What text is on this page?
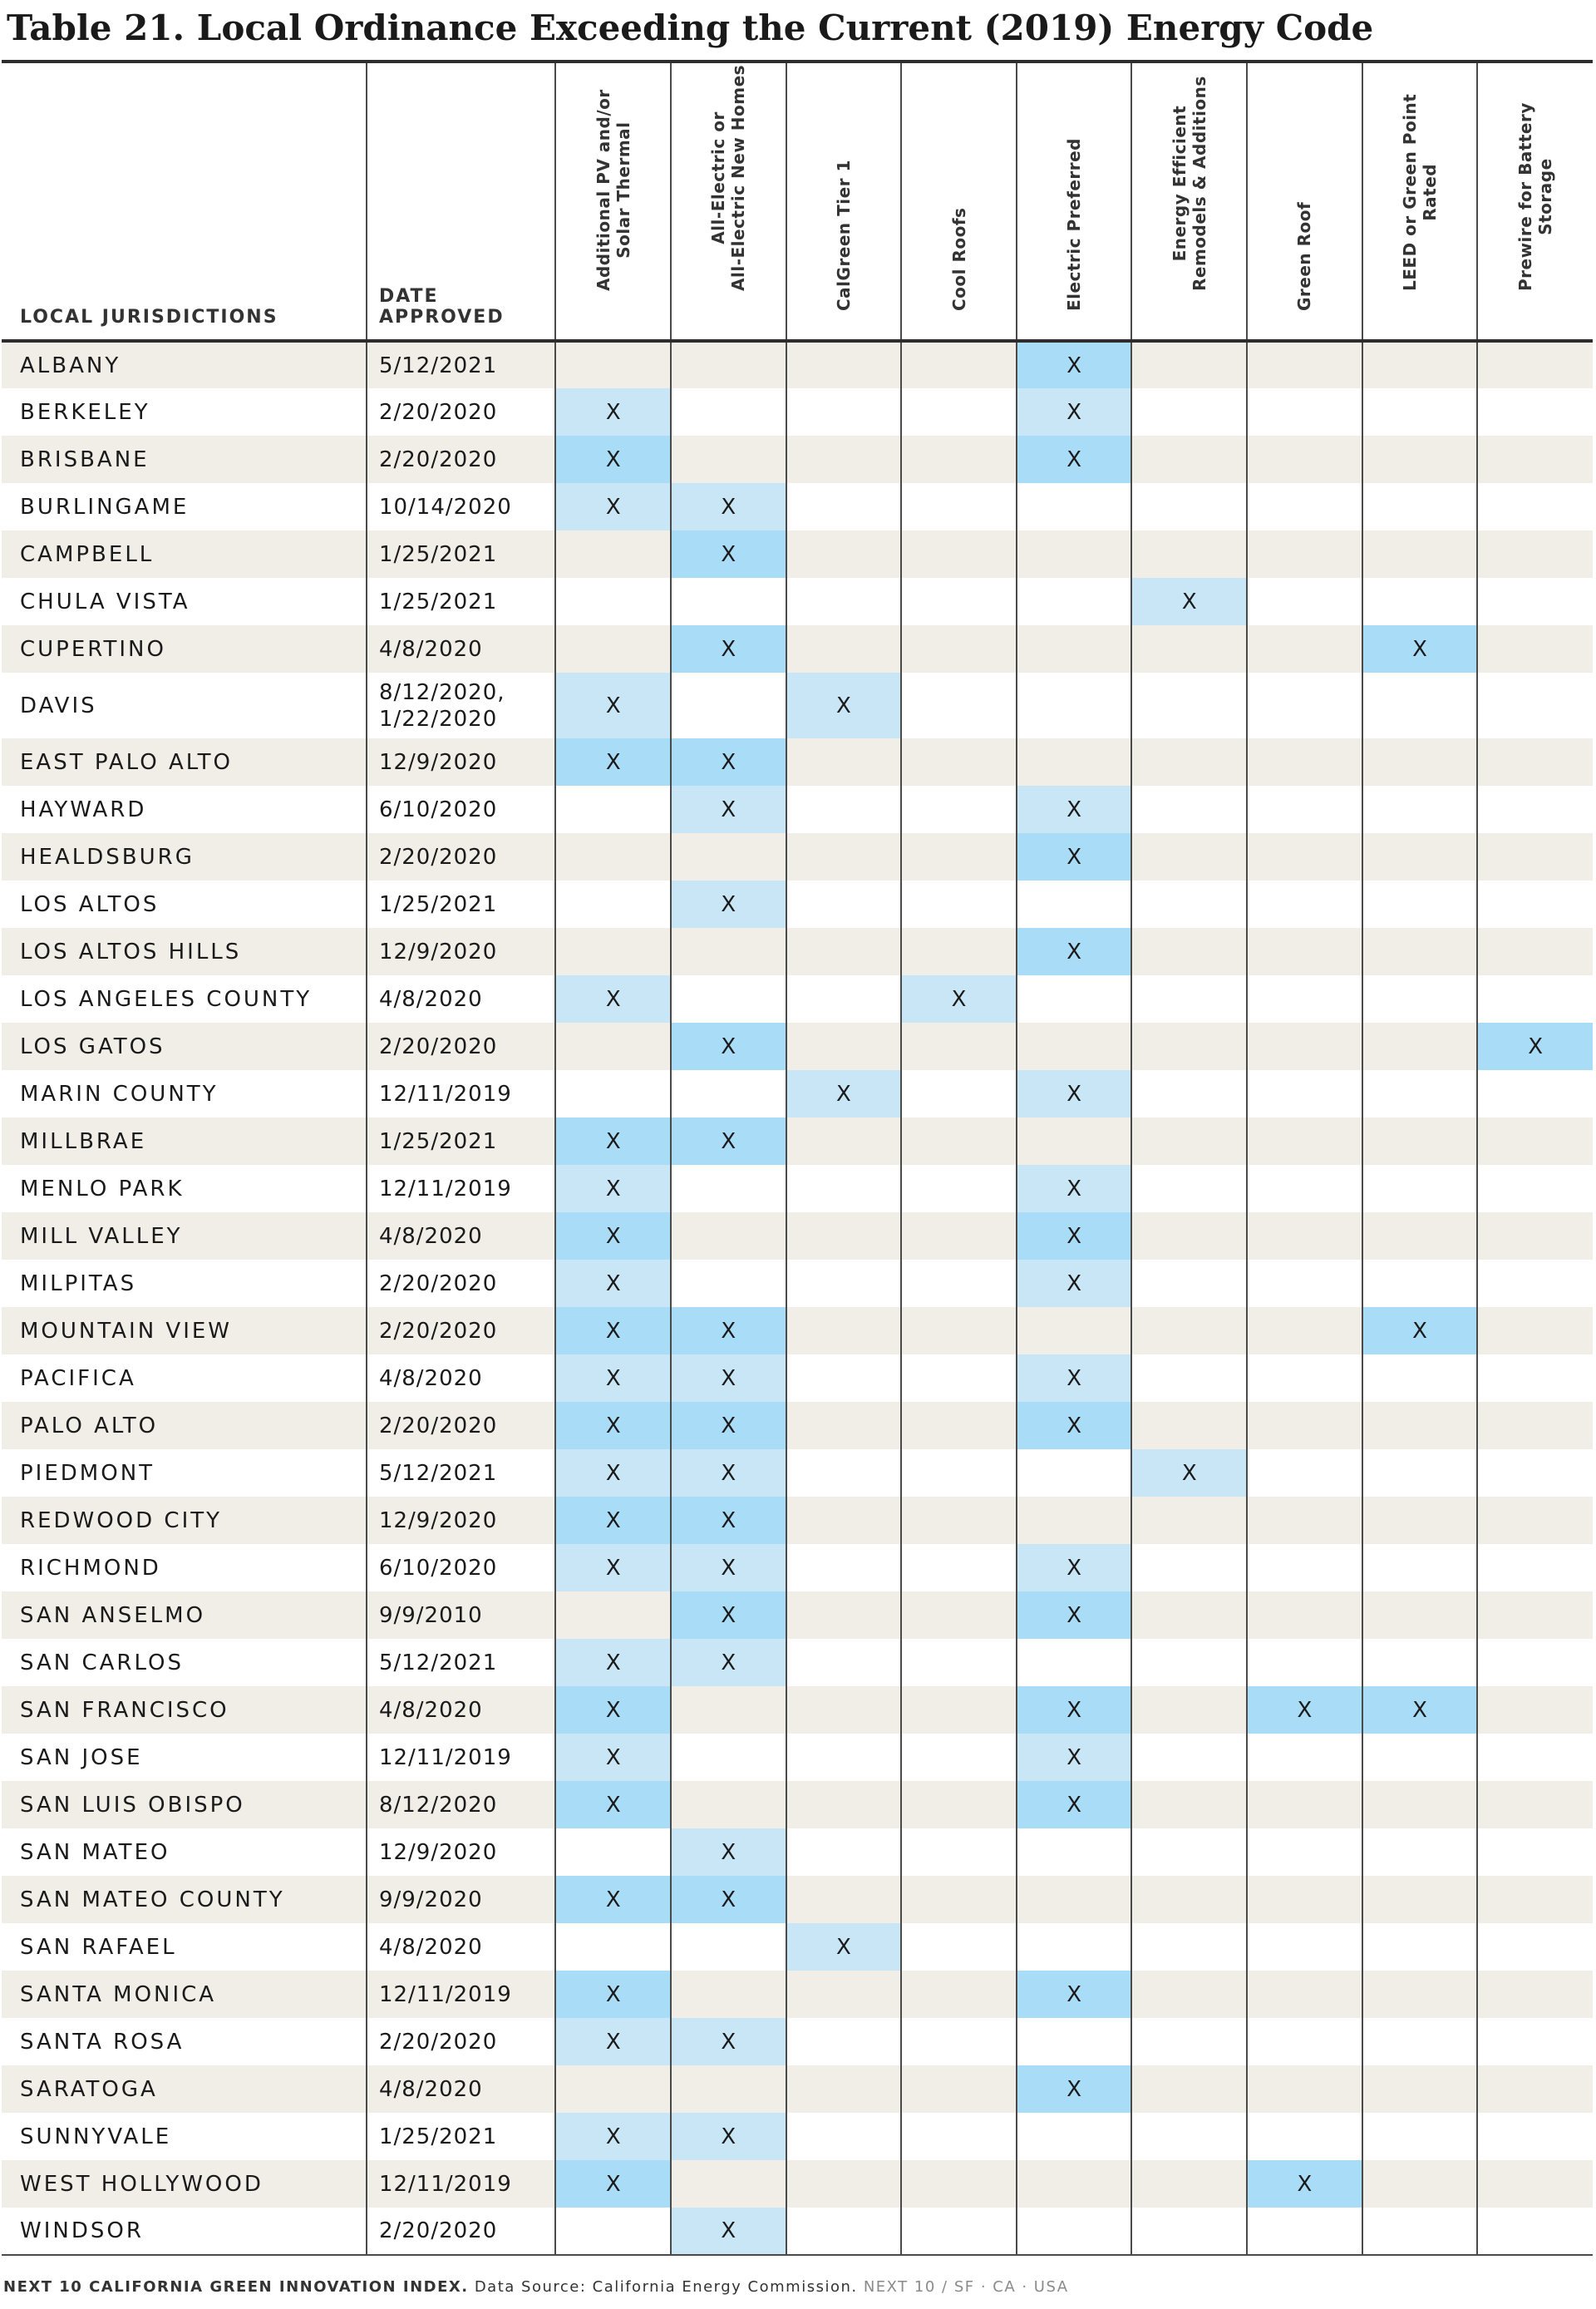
Table 21. Local Ordinance Exceeding the Current (2019) Energy Code
LOCAL JURISDICTIONS	DATE
APPROVED	Additional PV and/or
Solar Thermal	All-Electric or
All-Electric New Homes	CalGreen Tier 1	Cool Roofs	Electric Preferred	Energy Efficient
Remodels & Additions	Green Roof	LEED or Green Point
Rated	Prewire for Battery
Storage

ALBANY	5/12/2021					X				
BERKELEY	2/20/2020	X				X				
BRISBANE	2/20/2020	X				X				
BURLINGAME	10/14/2020	X	X							
CAMPBELL	1/25/2021		X							
CHULA VISTA	1/25/2021						X			
CUPERTINO	4/8/2020		X						X	
DAVIS	8/12/2020,
1/22/2020	X		X						
EAST PALO ALTO	12/9/2020	X	X							
HAYWARD	6/10/2020		X			X				
HEALDSBURG	2/20/2020					X				
LOS ALTOS	1/25/2021		X							
LOS ALTOS HILLS	12/9/2020					X				
LOS ANGELES COUNTY	4/8/2020	X			X					
LOS GATOS	2/20/2020		X							X
MARIN COUNTY	12/11/2019			X		X				
MILLBRAE	1/25/2021	X	X							
MENLO PARK	12/11/2019	X				X				
MILL VALLEY	4/8/2020	X				X				
MILPITAS	2/20/2020	X				X				
MOUNTAIN VIEW	2/20/2020	X	X						X	
PACIFICA	4/8/2020	X	X			X				
PALO ALTO	2/20/2020	X	X			X				
PIEDMONT	5/12/2021	X	X				X			
REDWOOD CITY	12/9/2020	X	X							
RICHMOND	6/10/2020	X	X			X				
SAN ANSELMO	9/9/2010		X			X				
SAN CARLOS	5/12/2021	X	X							
SAN FRANCISCO	4/8/2020	X				X		X	X	
SAN JOSE	12/11/2019	X				X				
SAN LUIS OBISPO	8/12/2020	X				X				
SAN MATEO	12/9/2020		X							
SAN MATEO COUNTY	9/9/2020	X	X							
SAN RAFAEL	4/8/2020			X						
SANTA MONICA	12/11/2019	X				X				
SANTA ROSA	2/20/2020	X	X							
SARATOGA	4/8/2020					X				
SUNNYVALE	1/25/2021	X	X							
WEST HOLLYWOOD	12/11/2019	X						X		
WINDSOR	2/20/2020		X							
NEXT 10 CALIFORNIA GREEN INNOVATION INDEX. Data Source: California Energy Commission. NEXT 10 / SF · CA · USA
